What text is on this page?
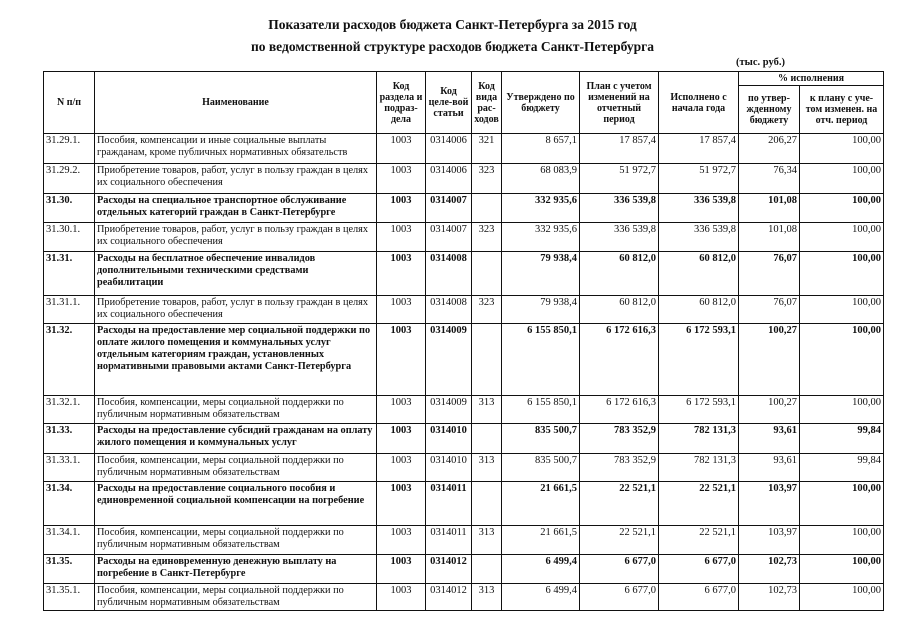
Показатели расходов бюджета Санкт-Петербурга за 2015 год
по ведомственной структуре расходов бюджета Санкт-Петербурга
(тыс. руб.)
N п/п	Наименование	Код раздела и подраз-дела	Код целе-вой статьи	Код вида рас-ходов	Утверждено по бюджету	План с учетом изменений на отчетный период	Исполнено с начала года	% исполнения	
								по утвер-жденному бюджету	к плану с уче-том изменен. на отч. период
31.29.1.	Пособия, компенсации и иные социальные выплаты гражданам, кроме публичных нормативных обязательств	1003	0314006	321	8 657,1	17 857,4	17 857,4	206,27	100,00
31.29.2.	Приобретение товаров, работ, услуг в пользу граждан в целях их социального обеспечения	1003	0314006	323	68 083,9	51 972,7	51 972,7	76,34	100,00
31.30.	Расходы на специальное транспортное обслуживание отдельных категорий граждан в Санкт-Петербурге	1003	0314007		332 935,6	336 539,8	336 539,8	101,08	100,00
31.30.1.	Приобретение товаров, работ, услуг в пользу граждан в целях их социального обеспечения	1003	0314007	323	332 935,6	336 539,8	336 539,8	101,08	100,00
31.31.	Расходы на бесплатное обеспечение инвалидов дополнительными техническими средствами реабилитации	1003	0314008		79 938,4	60 812,0	60 812,0	76,07	100,00
31.31.1.	Приобретение товаров, работ, услуг в пользу граждан в целях их социального обеспечения	1003	0314008	323	79 938,4	60 812,0	60 812,0	76,07	100,00
31.32.	Расходы на предоставление мер социальной поддержки по оплате жилого помещения и коммунальных услуг отдельным категориям граждан, установленных нормативными правовыми актами Санкт-Петербурга	1003	0314009		6 155 850,1	6 172 616,3	6 172 593,1	100,27	100,00
31.32.1.	Пособия, компенсации, меры социальной поддержки по публичным нормативным обязательствам	1003	0314009	313	6 155 850,1	6 172 616,3	6 172 593,1	100,27	100,00
31.33.	Расходы на предоставление субсидий гражданам на оплату жилого помещения и коммунальных услуг	1003	0314010		835 500,7	783 352,9	782 131,3	93,61	99,84
31.33.1.	Пособия, компенсации, меры социальной поддержки по публичным нормативным обязательствам	1003	0314010	313	835 500,7	783 352,9	782 131,3	93,61	99,84
31.34.	Расходы на предоставление социального пособия и единовременной социальной компенсации на погребение	1003	0314011		21 661,5	22 521,1	22 521,1	103,97	100,00
31.34.1.	Пособия, компенсации, меры социальной поддержки по публичным нормативным обязательствам	1003	0314011	313	21 661,5	22 521,1	22 521,1	103,97	100,00
31.35.	Расходы на единовременную денежную выплату на погребение в Санкт-Петербурге	1003	0314012		6 499,4	6 677,0	6 677,0	102,73	100,00
31.35.1.	Пособия, компенсации, меры социальной поддержки по публичным нормативным обязательствам	1003	0314012	313	6 499,4	6 677,0	6 677,0	102,73	100,00
